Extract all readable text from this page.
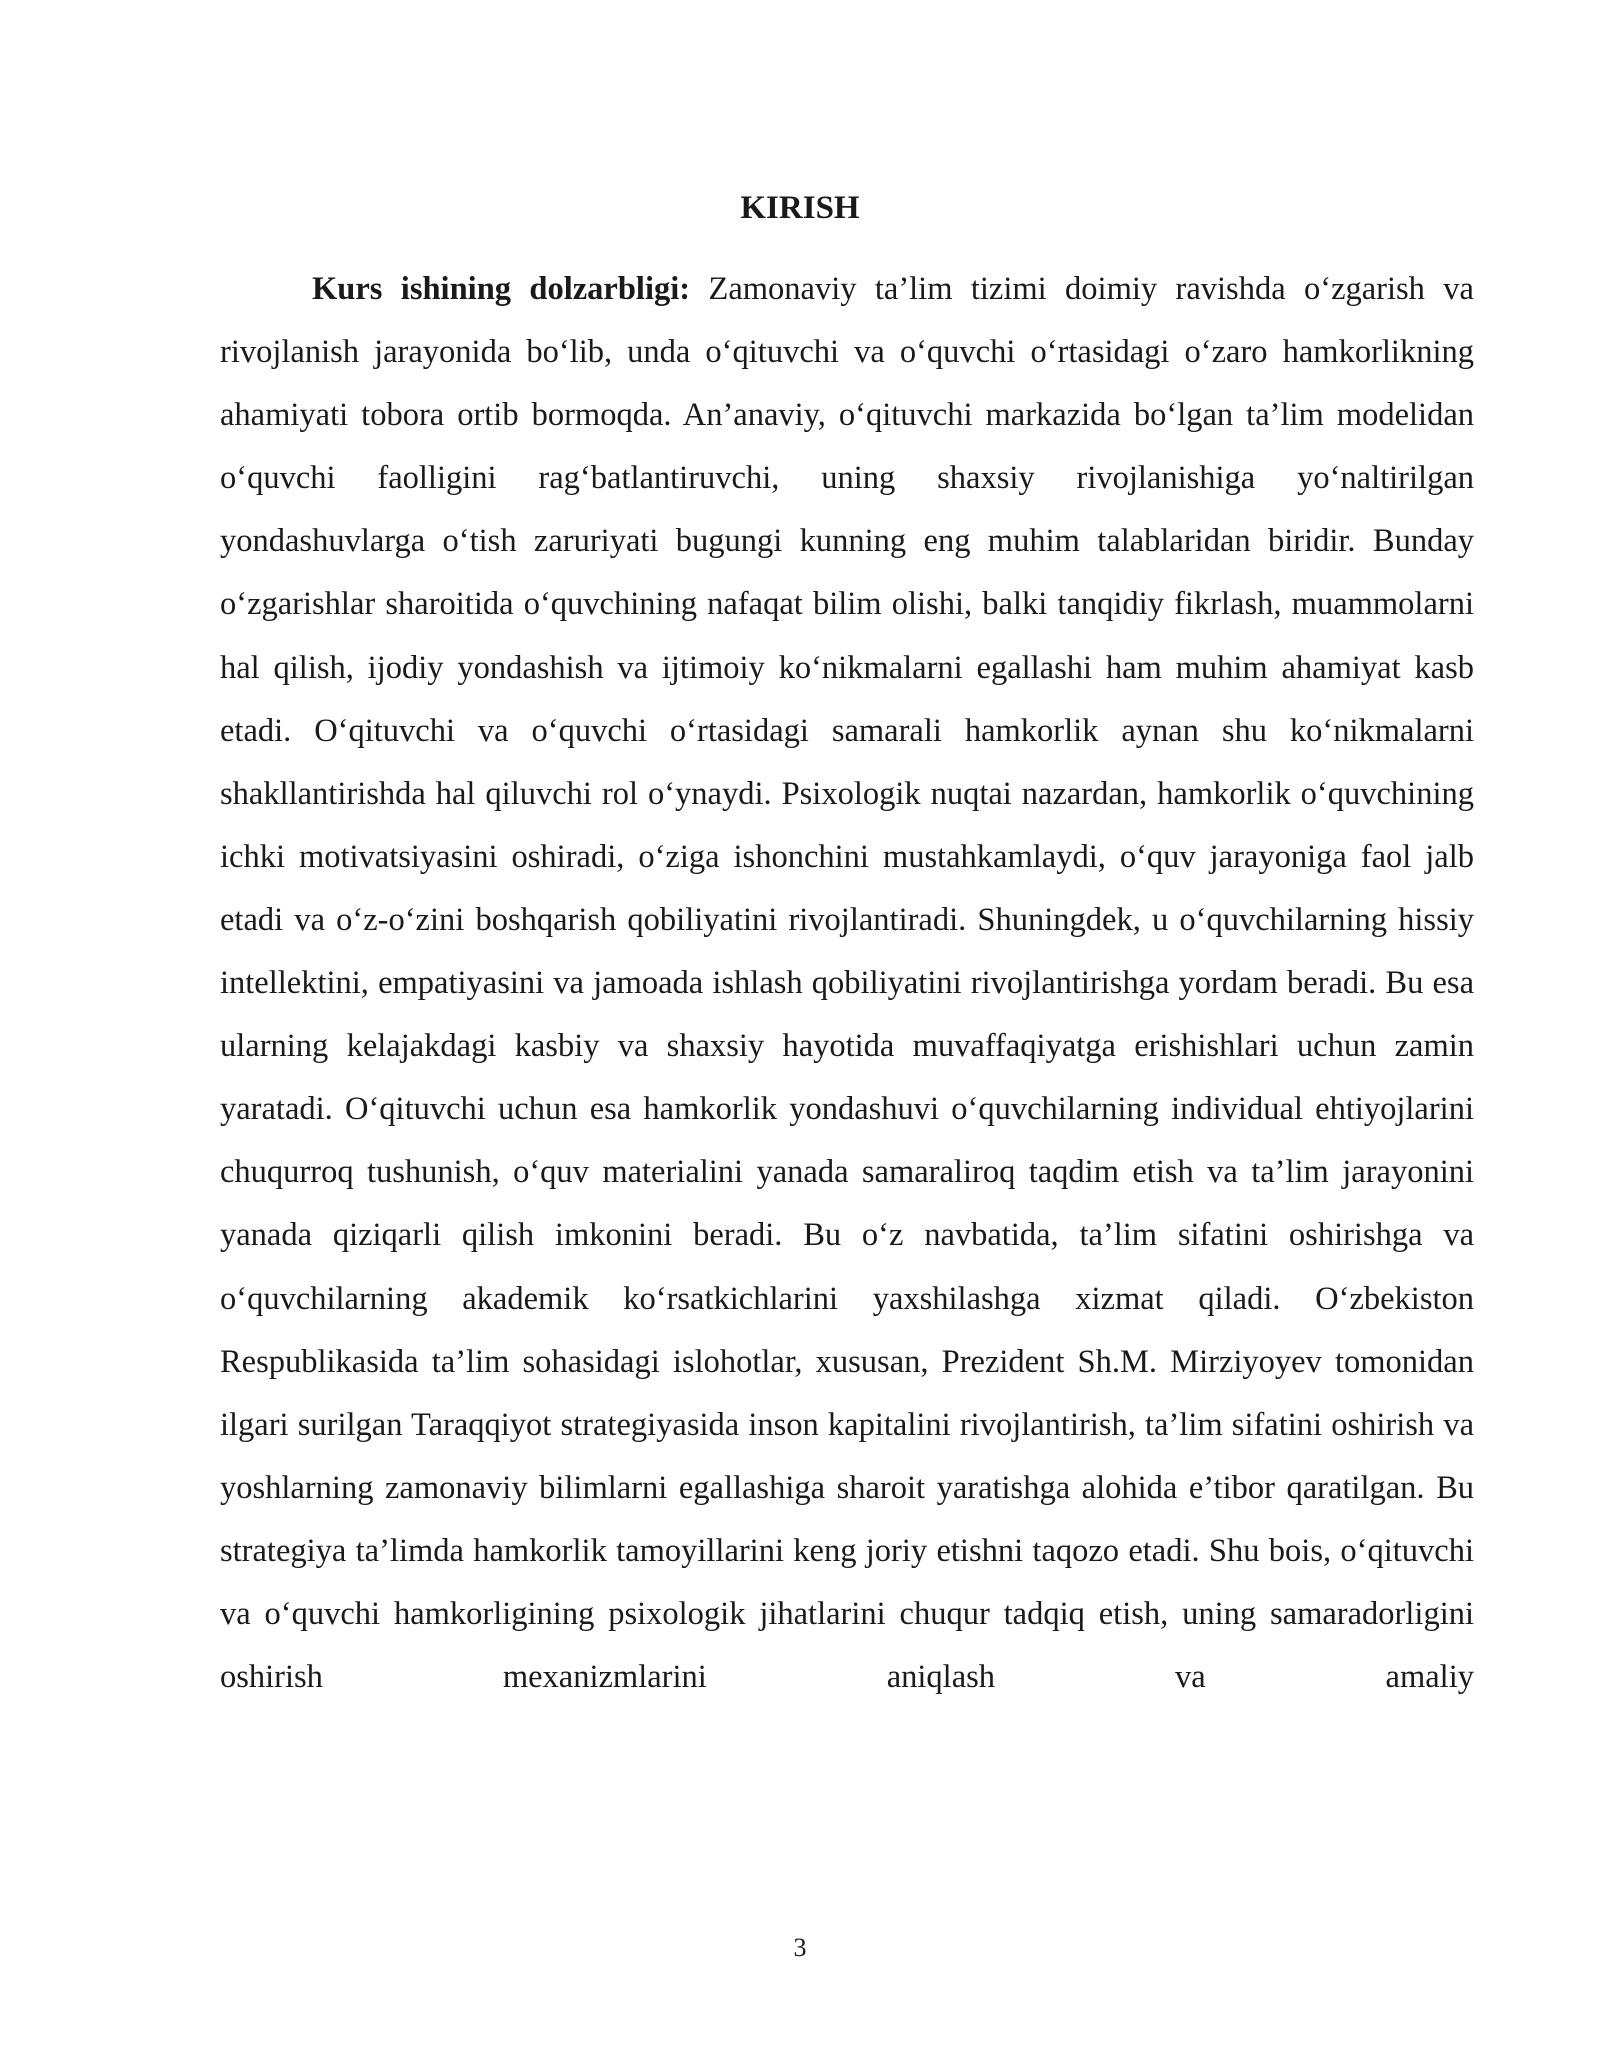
KIRISH

Kurs ishining dolzarbligi: Zamonaviy ta’lim tizimi doimiy ravishda o‘zgarish va rivojlanish jarayonida bo‘lib, unda o‘qituvchi va o‘quvchi o‘rtasidagi o‘zaro hamkorlikning ahamiyati tobora ortib bormoqda. An’anaviy, o‘qituvchi markazida bo‘lgan ta’lim modelidan o‘quvchi faolligini rag‘batlantiruvchi, uning shaxsiy rivojlanishiga yo‘naltirilgan yondashuvlarga o‘tish zaruriyati bugungi kunning eng muhim talablaridan biridir. Bunday o‘zgarishlar sharoitida o‘quvchining nafaqat bilim olishi, balki tanqidiy fikrlash, muammolarni hal qilish, ijodiy yondashish va ijtimoiy ko‘nikmalarni egallashi ham muhim ahamiyat kasb etadi. O‘qituvchi va o‘quvchi o‘rtasidagi samarali hamkorlik aynan shu ko‘nikmalarni shakllantirishda hal qiluvchi rol o‘ynaydi. Psixologik nuqtai nazardan, hamkorlik o‘quvchining ichki motivatsiyasini oshiradi, o‘ziga ishonchini mustahkamlaydi, o‘quv jarayoniga faol jalb etadi va o‘z-o‘zini boshqarish qobiliyatini rivojlantiradi. Shuningdek, u o‘quvchilarning hissiy intellektini, empatiyasini va jamoada ishlash qobiliyatini rivojlantirishga yordam beradi. Bu esa ularning kelajakdagi kasbiy va shaxsiy hayotida muvaffaqiyatga erishishlari uchun zamin yaratadi. O‘qituvchi uchun esa hamkorlik yondashuvi o‘quvchilarning individual ehtiyojlarini chuqurroq tushunish, o‘quv materialini yanada samaraliroq taqdim etish va ta’lim jarayonini yanada qiziqarli qilish imkonini beradi. Bu o‘z navbatida, ta’lim sifatini oshirishga va o‘quvchilarning akademik ko‘rsatkichlarini yaxshilashga xizmat qiladi. O‘zbekiston Respublikasida ta’lim sohasidagi islohotlar, xususan, Prezident Sh.M. Mirziyoyev tomonidan ilgari surilgan Taraqqiyot strategiyasida inson kapitalini rivojlantirish, ta’lim sifatini oshirish va yoshlarning zamonaviy bilimlarni egallashiga sharoit yaratishga alohida e’tibor qaratilgan. Bu strategiya ta’limda hamkorlik tamoyillarini keng joriy etishni taqozo etadi. Shu bois, o‘qituvchi va o‘quvchi hamkorligining psixologik jihatlarini chuqur tadqiq etish, uning samaradorligini oshirish mexanizmlarini aniqlash va amaliy

3
